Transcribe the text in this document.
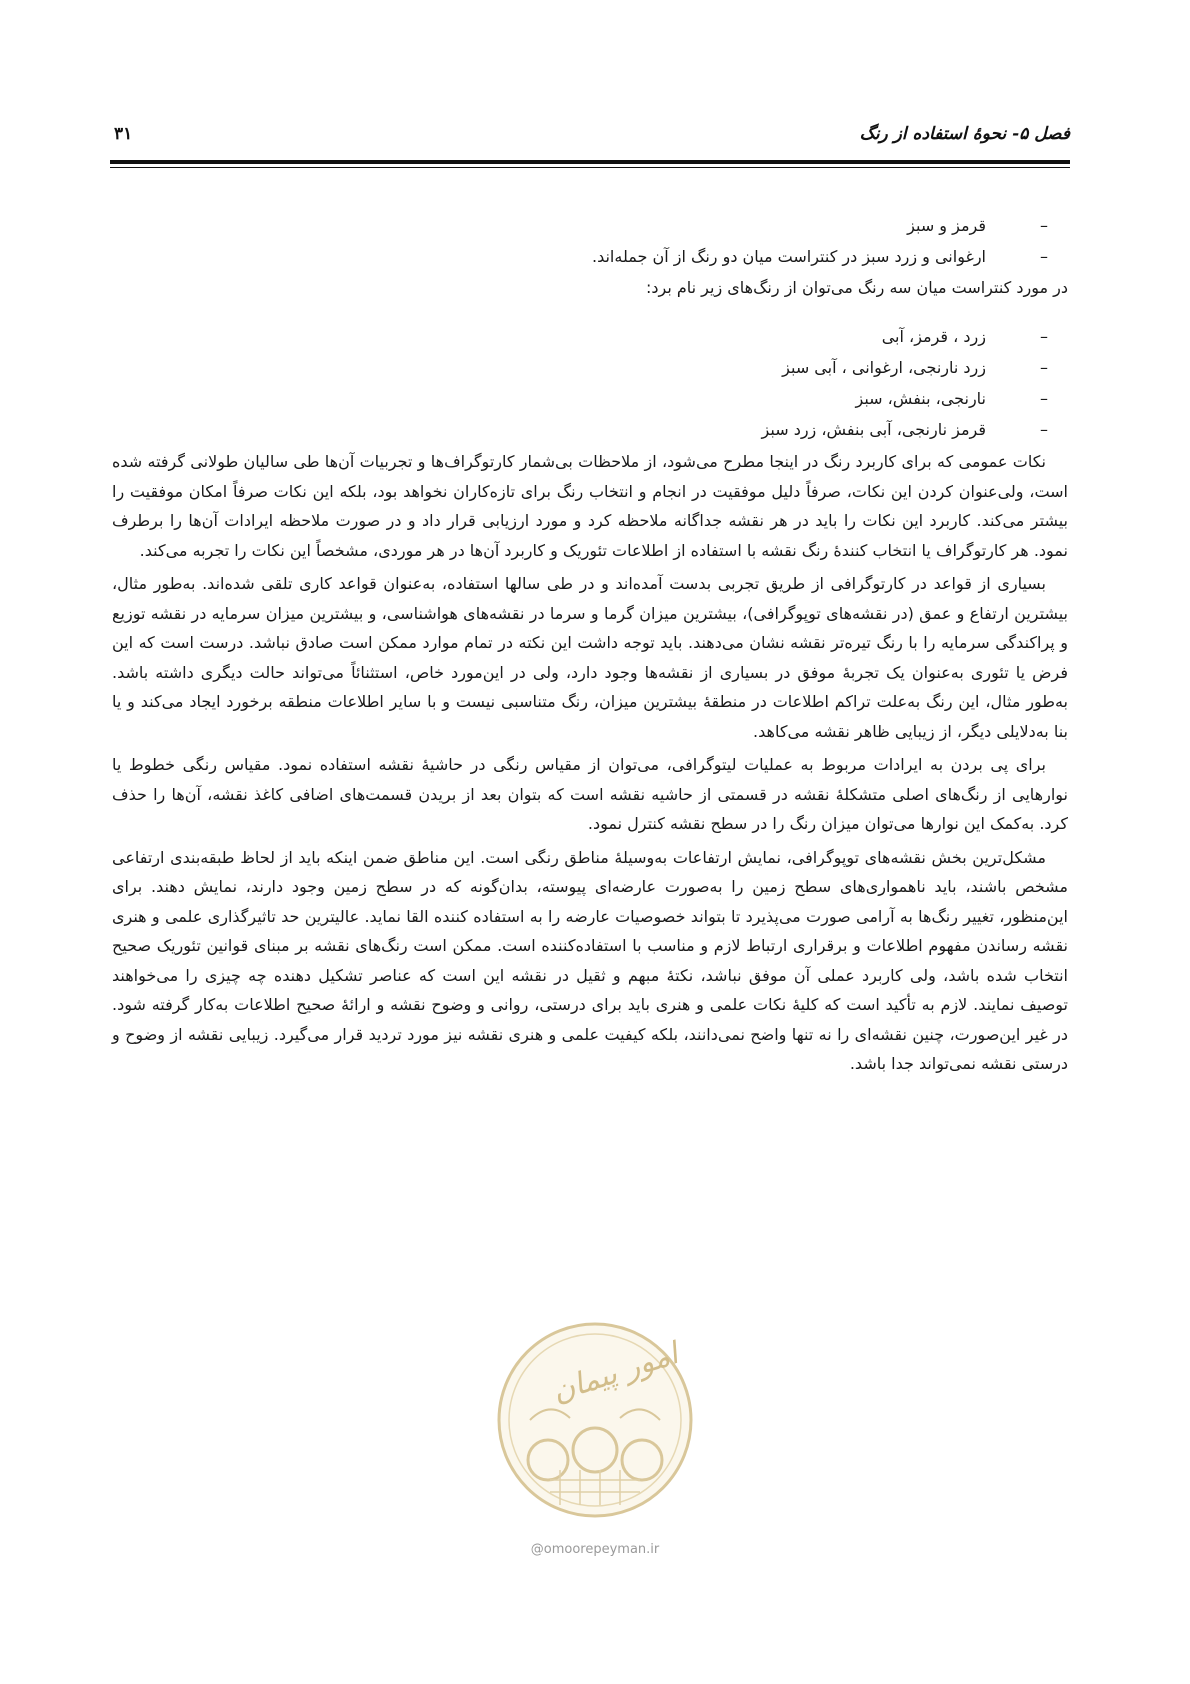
فصل ۵- نحوهٔ استفاده از رنگ
۳۱
–
قرمز و سبز
–
ارغوانی و زرد سبز در کنتراست میان دو رنگ از آن جمله‌اند.

در مورد کنتراست میان سه رنگ می‌توان از رنگ‌های زیر نام برد:

–
زرد ، قرمز، آبی
–
زرد نارنجی، ارغوانی ، آبی سبز
–
نارنجی، بنفش، سبز
–
قرمز نارنجی، آبی بنفش، زرد سبز

نکات عمومی که برای کاربرد رنگ در اینجا مطرح می‌شود، از ملاحظات بی‌شمار کارتوگراف‌ها و تجربیات آن‌ها طی سالیان طولانی گرفته شده است، ولی‌عنوان کردن این نکات، صرفاً دلیل موفقیت در انجام و انتخاب رنگ برای تازه‌کاران نخواهد بود، بلکه این نکات صرفاً امکان موفقیت را بیشتر می‌کند. کاربرد این نکات را باید در هر نقشه جداگانه ملاحظه کرد و مورد ارزیابی قرار داد و در صورت ملاحظه ایرادات آن‌ها را برطرف نمود. هر کارتوگراف یا انتخاب کنندهٔ رنگ نقشه با استفاده از اطلاعات تئوریک و کاربرد آن‌ها در هر موردی، مشخصاً این نکات را تجربه می‌کند.

بسیاری از قواعد در کارتوگرافی از طریق تجربی بدست آمده‌اند و در طی سالها استفاده، به‌عنوان قواعد کاری تلقی شده‌اند. به‌طور مثال، بیشترین ارتفاع و عمق (در نقشه‌های توپوگرافی)، بیشترین میزان گرما و سرما در نقشه‌های هواشناسی، و بیشترین میزان سرمایه در نقشه توزیع و پراکندگی سرمایه را با رنگ تیره‌تر نقشه نشان می‌دهند. باید توجه داشت این نکته در تمام موارد ممکن است صادق نباشد. درست است که این فرض یا تئوری به‌عنوان یک تجربهٔ موفق در بسیاری از نقشه‌ها وجود دارد، ولی در این‌مورد خاص، استثنائاً می‌تواند حالت دیگری داشته باشد. به‌طور مثال، این رنگ به‌علت تراکم اطلاعات در منطقهٔ بیشترین میزان، رنگ متناسبی نیست و با سایر اطلاعات منطقه برخورد ایجاد می‌کند و یا بنا به‌دلایلی دیگر، از زیبایی ظاهر نقشه می‌کاهد.

برای پی بردن به ایرادات مربوط به عملیات لیتوگرافی، می‌توان از مقیاس رنگی در حاشیهٔ نقشه استفاده نمود. مقیاس رنگی خطوط یا نوارهایی از رنگ‌های اصلی متشکلهٔ نقشه در قسمتی از حاشیه نقشه است که بتوان بعد از بریدن قسمت‌های اضافی کاغذ نقشه، آن‌ها را حذف کرد. به‌کمک این نوارها می‌توان میزان رنگ را در سطح نقشه کنترل نمود.

مشکل‌ترین بخش نقشه‌های توپوگرافی، نمایش ارتفاعات به‌وسیلهٔ مناطق رنگی است. این مناطق ضمن اینکه باید از لحاظ طبقه‌بندی ارتفاعی مشخص باشند، باید ناهمواری‌های سطح زمین را به‌صورت عارضه‌ای پیوسته، بدان‌گونه که در سطح زمین وجود دارند، نمایش دهند. برای این‌منظور، تغییر رنگ‌ها به آرامی صورت می‌پذیرد تا بتواند خصوصیات عارضه را به استفاده کننده القا نماید. عالیترین حد تاثیرگذاری علمی و هنری نقشه رساندن مفهوم اطلاعات و برقراری ارتباط لازم و مناسب با استفاده‌کننده است. ممکن است رنگ‌های نقشه بر مبنای قوانین تئوریک صحیح انتخاب شده باشد، ولی کاربرد عملی آن موفق نباشد، نکتهٔ مبهم و ثقیل در نقشه این است که عناصر تشکیل دهنده چه چیزی را می‌خواهند توصیف نمایند. لازم به تأکید است که کلیهٔ نکات علمی و هنری باید برای درستی، روانی و وضوح نقشه و ارائهٔ صحیح اطلاعات به‌کار گرفته شود. در غیر این‌صورت، چنین نقشه‌ای را نه تنها واضح نمی‌دانند، بلکه کیفیت علمی و هنری نقشه نیز مورد تردید قرار می‌گیرد. زیبایی نقشه از وضوح و درستی نقشه نمی‌تواند جدا باشد.

امور پیمان
@omoorepeyman.ir
